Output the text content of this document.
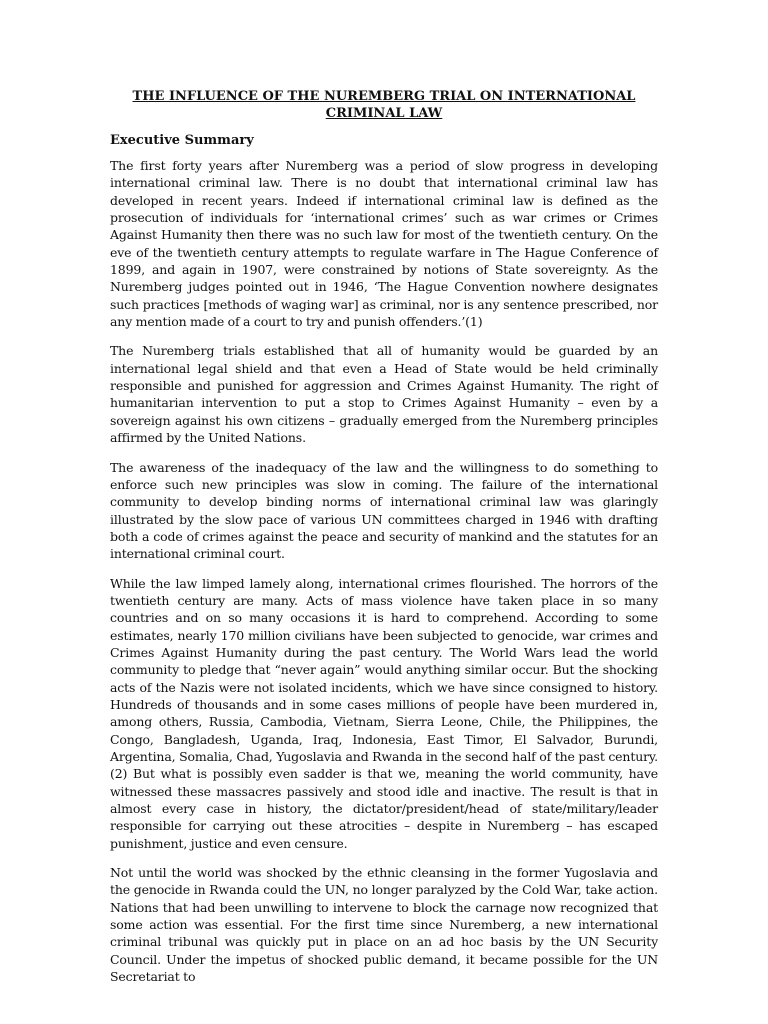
THE INFLUENCE OF THE NUREMBERG TRIAL ON INTERNATIONAL CRIMINAL LAW
Executive Summary

The first forty years after Nuremberg was a period of slow progress in developing international criminal law. There is no doubt that international criminal law has developed in recent years. Indeed if international criminal law is defined as the prosecution of individuals for ‘international crimes’ such as war crimes or Crimes Against Humanity then there was no such law for most of the twentieth century. On the eve of the twentieth century attempts to regulate warfare in The Hague Conference of 1899, and again in 1907, were constrained by notions of State sovereignty. As the Nuremberg judges pointed out in 1946, ‘The Hague Convention nowhere designates such practices [methods of waging war] as criminal, nor is any sentence prescribed, nor any mention made of a court to try and punish offenders.’(1)

The Nuremberg trials established that all of humanity would be guarded by an international legal shield and that even a Head of State would be held criminally responsible and punished for aggression and Crimes Against Humanity. The right of humanitarian intervention to put a stop to Crimes Against Humanity – even by a sovereign against his own citizens – gradually emerged from the Nuremberg principles affirmed by the United Nations.

The awareness of the inadequacy of the law and the willingness to do something to enforce such new principles was slow in coming. The failure of the international community to develop binding norms of international criminal law was glaringly illustrated by the slow pace of various UN committees charged in 1946 with drafting both a code of crimes against the peace and security of mankind and the statutes for an international criminal court.

While the law limped lamely along, international crimes flourished. The horrors of the twentieth century are many. Acts of mass violence have taken place in so many countries and on so many occasions it is hard to comprehend. According to some estimates, nearly 170 million civilians have been subjected to genocide, war crimes and Crimes Against Humanity during the past century. The World Wars lead the world community to pledge that “never again” would anything similar occur. But the shocking acts of the Nazis were not isolated incidents, which we have since consigned to history. Hundreds of thousands and in some cases millions of people have been murdered in, among others, Russia, Cambodia, Vietnam, Sierra Leone, Chile, the Philippines, the Congo, Bangladesh, Uganda, Iraq, Indonesia, East Timor, El Salvador, Burundi, Argentina, Somalia, Chad, Yugoslavia and Rwanda in the second half of the past century.(2) But what is possibly even sadder is that we, meaning the world community, have witnessed these massacres passively and stood idle and inactive. The result is that in almost every case in history, the dictator/president/head of state/military/leader responsible for carrying out these atrocities – despite in Nuremberg – has escaped punishment, justice and even censure.

Not until the world was shocked by the ethnic cleansing in the former Yugoslavia and the genocide in Rwanda could the UN, no longer paralyzed by the Cold War, take action. Nations that had been unwilling to intervene to block the carnage now recognized that some action was essential. For the first time since Nuremberg, a new international criminal tribunal was quickly put in place on an ad hoc basis by the UN Security Council. Under the impetus of shocked public demand, it became possible for the UN Secretariat to
